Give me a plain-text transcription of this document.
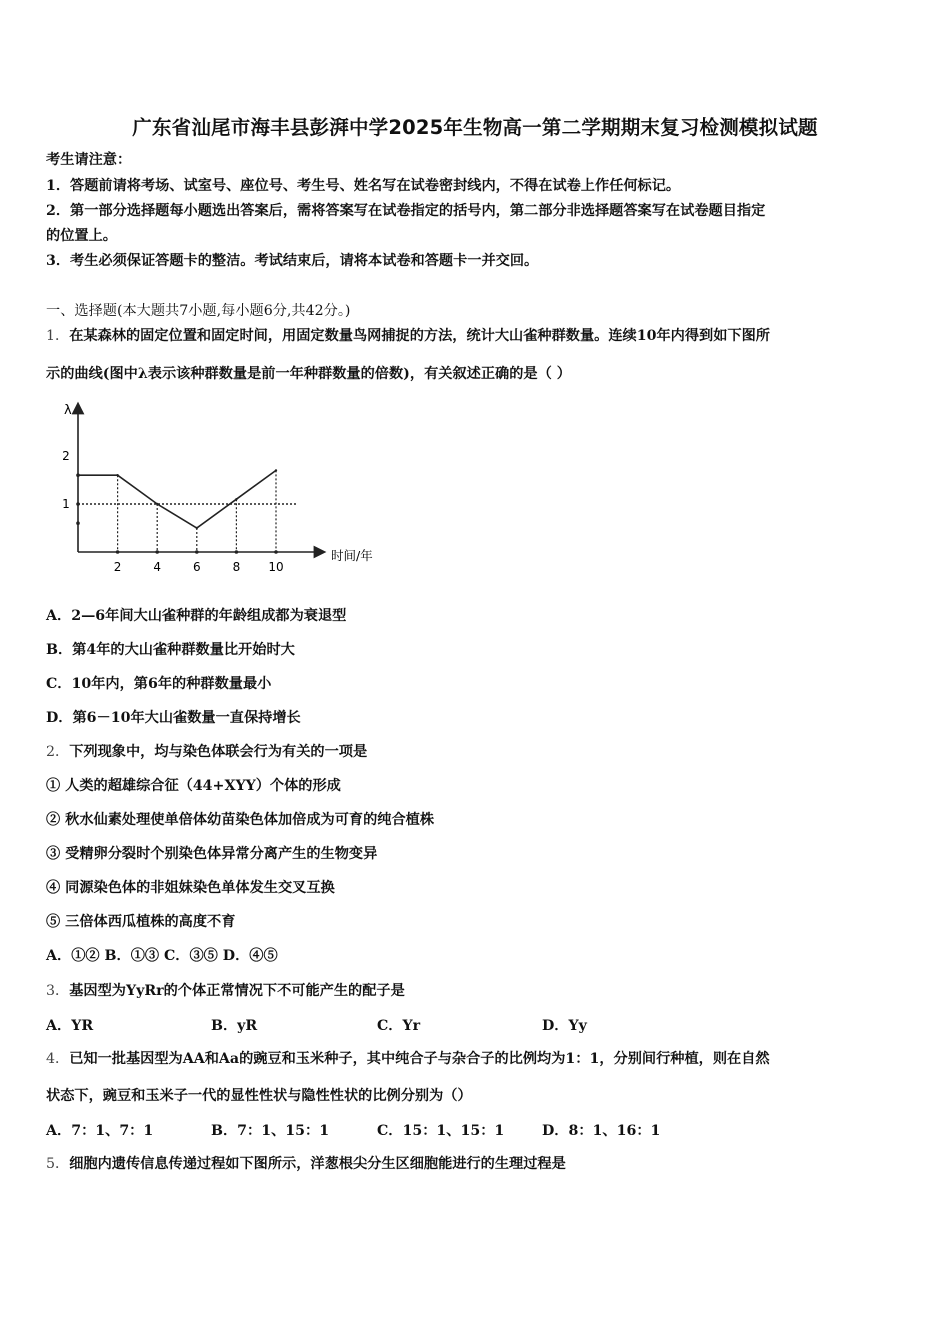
广东省汕尾市海丰县彭湃中学2025年生物高一第二学期期末复习检测模拟试题
考生请注意：
1．答题前请将考场、试室号、座位号、考生号、姓名写在试卷密封线内，不得在试卷上作任何标记。
2．第一部分选择题每小题选出答案后，需将答案写在试卷指定的括号内，第二部分非选择题答案写在试卷题目指定
的位置上。
3．考生必须保证答题卡的整洁。考试结束后，请将本试卷和答题卡一并交回。
一、选择题(本大题共7小题,每小题6分,共42分。)
1．在某森林的固定位置和固定时间，用固定数量鸟网捕捉的方法，统计大山雀种群数量。连续10年内得到如下图所
示的曲线(图中λ表示该种群数量是前一年种群数量的倍数)，有关叙述正确的是（ ）
λ
时间/年
2	4	6	8 10
1
2
A．2—6年间大山雀种群的年龄组成都为衰退型
B．第4年的大山雀种群数量比开始时大
C．10年内，第6年的种群数量最小
D．第6－10年大山雀数量一直保持增长
2．下列现象中，均与染色体联会行为有关的一项是
① 人类的超雄综合征（44+XYY）个体的形成
② 秋水仙素处理使单倍体幼苗染色体加倍成为可育的纯合植株
③ 受精卵分裂时个别染色体异常分离产生的生物变异
④ 同源染色体的非姐妹染色单体发生交叉互换
⑤ 三倍体西瓜植株的高度不育
A．①② B．①③ C．③⑤ D．④⑤
3．基因型为YyRr的个体正常情况下不可能产生的配子是
A．YR	B．yR	C．Yr	D．Yy
4．已知一批基因型为AA和Aa的豌豆和玉米种子，其中纯合子与杂合子的比例均为1：1，分别间行种植，则在自然
状态下，豌豆和玉米子一代的显性性状与隐性性状的比例分别为（）
A．7：1、7：1	B．7：1、15：1	C．15：1、15：1	D．8：1、16：1
5．细胞内遗传信息传递过程如下图所示，洋葱根尖分生区细胞能进行的生理过程是
